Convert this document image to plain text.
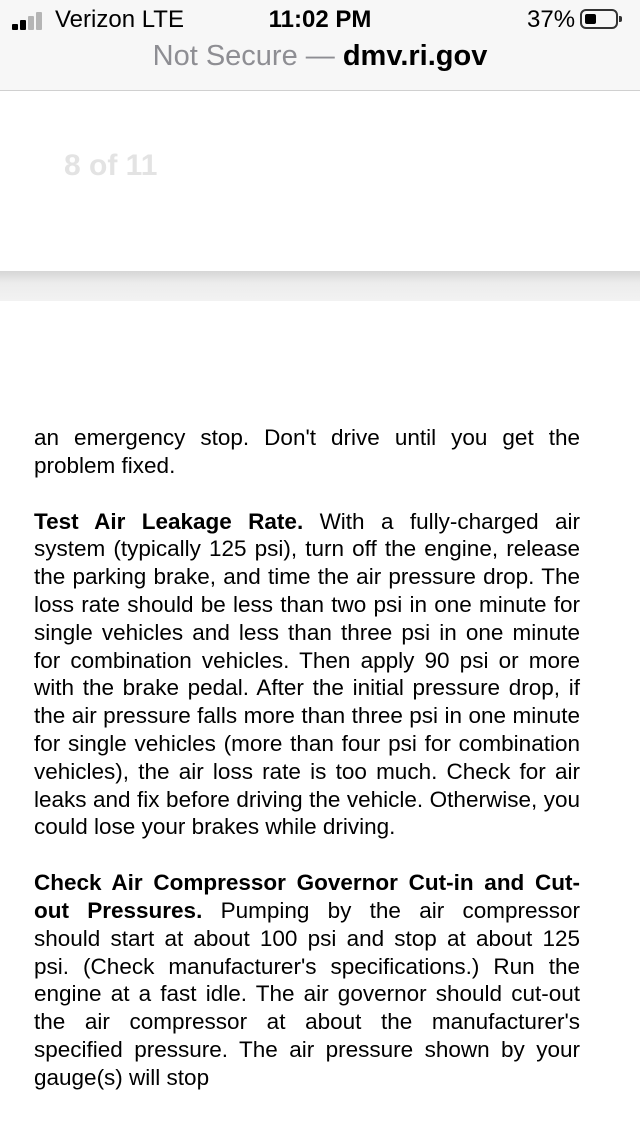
Verizon LTE	11:02 PM	37%
Not Secure — dmv.ri.gov
8 of 11

an emergency stop. Don't drive until you get the problem fixed.

Test Air Leakage Rate. With a fully-charged air system (typically 125 psi), turn off the engine, release the parking brake, and time the air pressure drop. The loss rate should be less than two psi in one minute for single vehicles and less than three psi in one minute for combination vehicles. Then apply 90 psi or more with the brake pedal. After the initial pressure drop, if the air pressure falls more than three psi in one minute for single vehicles (more than four psi for combination vehicles), the air loss rate is too much. Check for air leaks and fix before driving the vehicle. Otherwise, you could lose your brakes while driving.

Check Air Compressor Governor Cut-in and Cut-out Pressures. Pumping by the air compressor should start at about 100 psi and stop at about 125 psi. (Check manufacturer's specifications.) Run the engine at a fast idle. The air governor should cut-out the air compressor at about the manufacturer's specified pressure. The air pressure shown by your gauge(s) will stop
